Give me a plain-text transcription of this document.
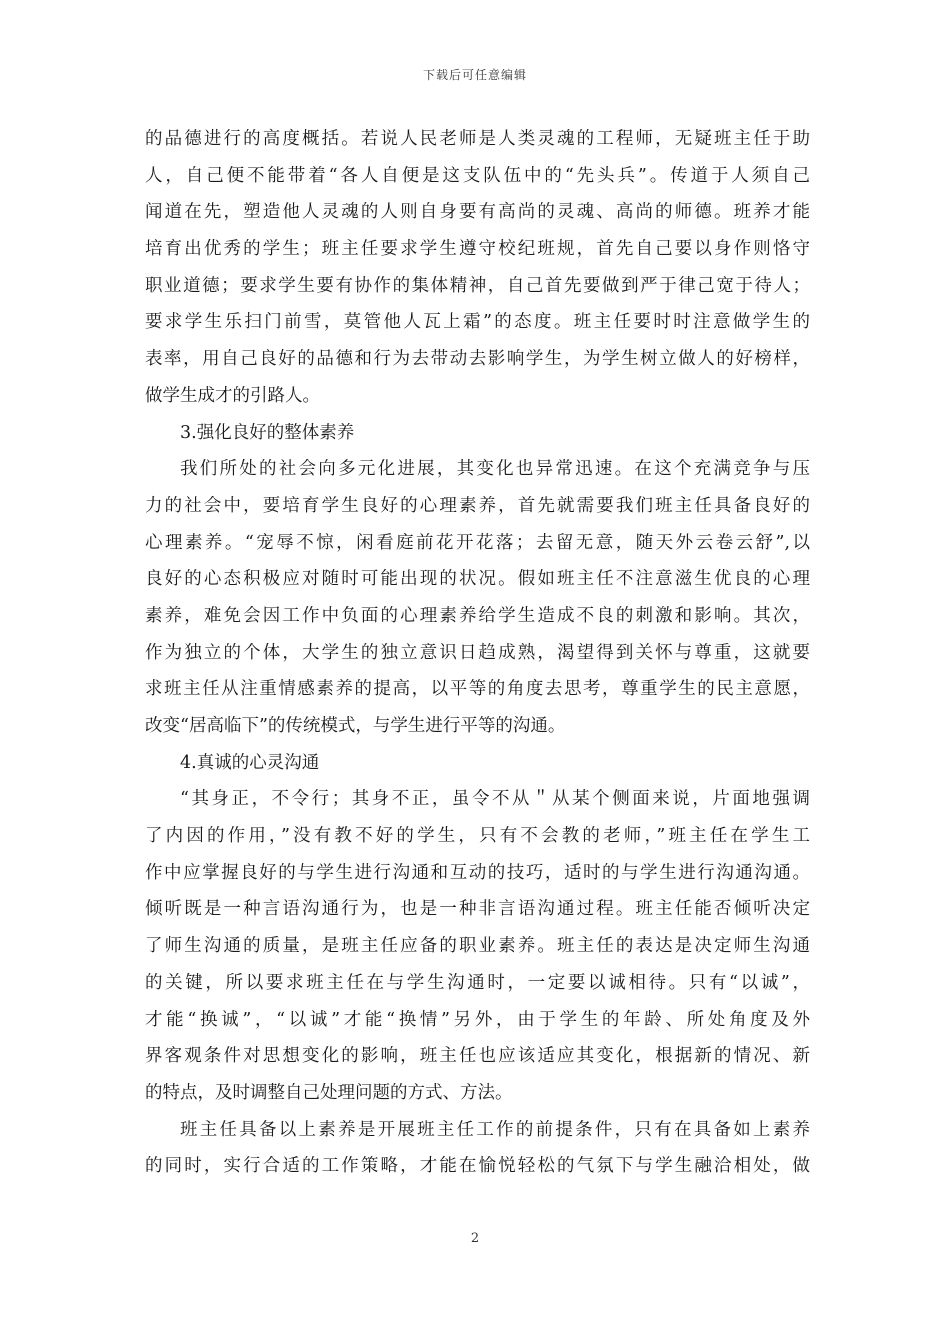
下载后可任意编辑
的品德进行的高度概括。若说人民老师是人类灵魂的工程师，无疑班主任于助
人，自己便不能带着“各人自便是这支队伍中的“先头兵”。传道于人须自己
闻道在先，塑造他人灵魂的人则自身要有高尚的灵魂、高尚的师德。班养才能
培育出优秀的学生；班主任要求学生遵守校纪班规，首先自己要以身作则恪守
职业道德；要求学生要有协作的集体精神，自己首先要做到严于律己宽于待人；
要求学生乐扫门前雪，莫管他人瓦上霜”的态度。班主任要时时注意做学生的
表率，用自己良好的品德和行为去带动去影响学生，为学生树立做人的好榜样，
做学生成才的引路人。
3.强化良好的整体素养
我们所处的社会向多元化进展，其变化也异常迅速。在这个充满竞争与压
力的社会中，要培育学生良好的心理素养，首先就需要我们班主任具备良好的
心理素养。“宠辱不惊，闲看庭前花开花落；去留无意，随天外云卷云舒”,以
良好的心态积极应对随时可能出现的状况。假如班主任不注意滋生优良的心理
素养，难免会因工作中负面的心理素养给学生造成不良的刺激和影响。其次，
作为独立的个体，大学生的独立意识日趋成熟，渴望得到关怀与尊重，这就要
求班主任从注重情感素养的提高，以平等的角度去思考，尊重学生的民主意愿，
改变“居高临下”的传统模式，与学生进行平等的沟通。
4.真诚的心灵沟通
“其身正，不令行；其身不正，虽令不从＂从某个侧面来说，片面地强调
了内因的作用，”没有教不好的学生，只有不会教的老师，”班主任在学生工
作中应掌握良好的与学生进行沟通和互动的技巧，适时的与学生进行沟通沟通。
倾听既是一种言语沟通行为，也是一种非言语沟通过程。班主任能否倾听决定
了师生沟通的质量，是班主任应备的职业素养。班主任的表达是决定师生沟通
的关键，所以要求班主任在与学生沟通时，一定要以诚相待。只有“以诚”，
才能“换诚”，“以诚”才能“换情”另外，由于学生的年龄、所处角度及外
界客观条件对思想变化的影响，班主任也应该适应其变化，根据新的情况、新
的特点，及时调整自己处理问题的方式、方法。
班主任具备以上素养是开展班主任工作的前提条件，只有在具备如上素养
的同时，实行合适的工作策略，才能在愉悦轻松的气氛下与学生融洽相处，做
2
